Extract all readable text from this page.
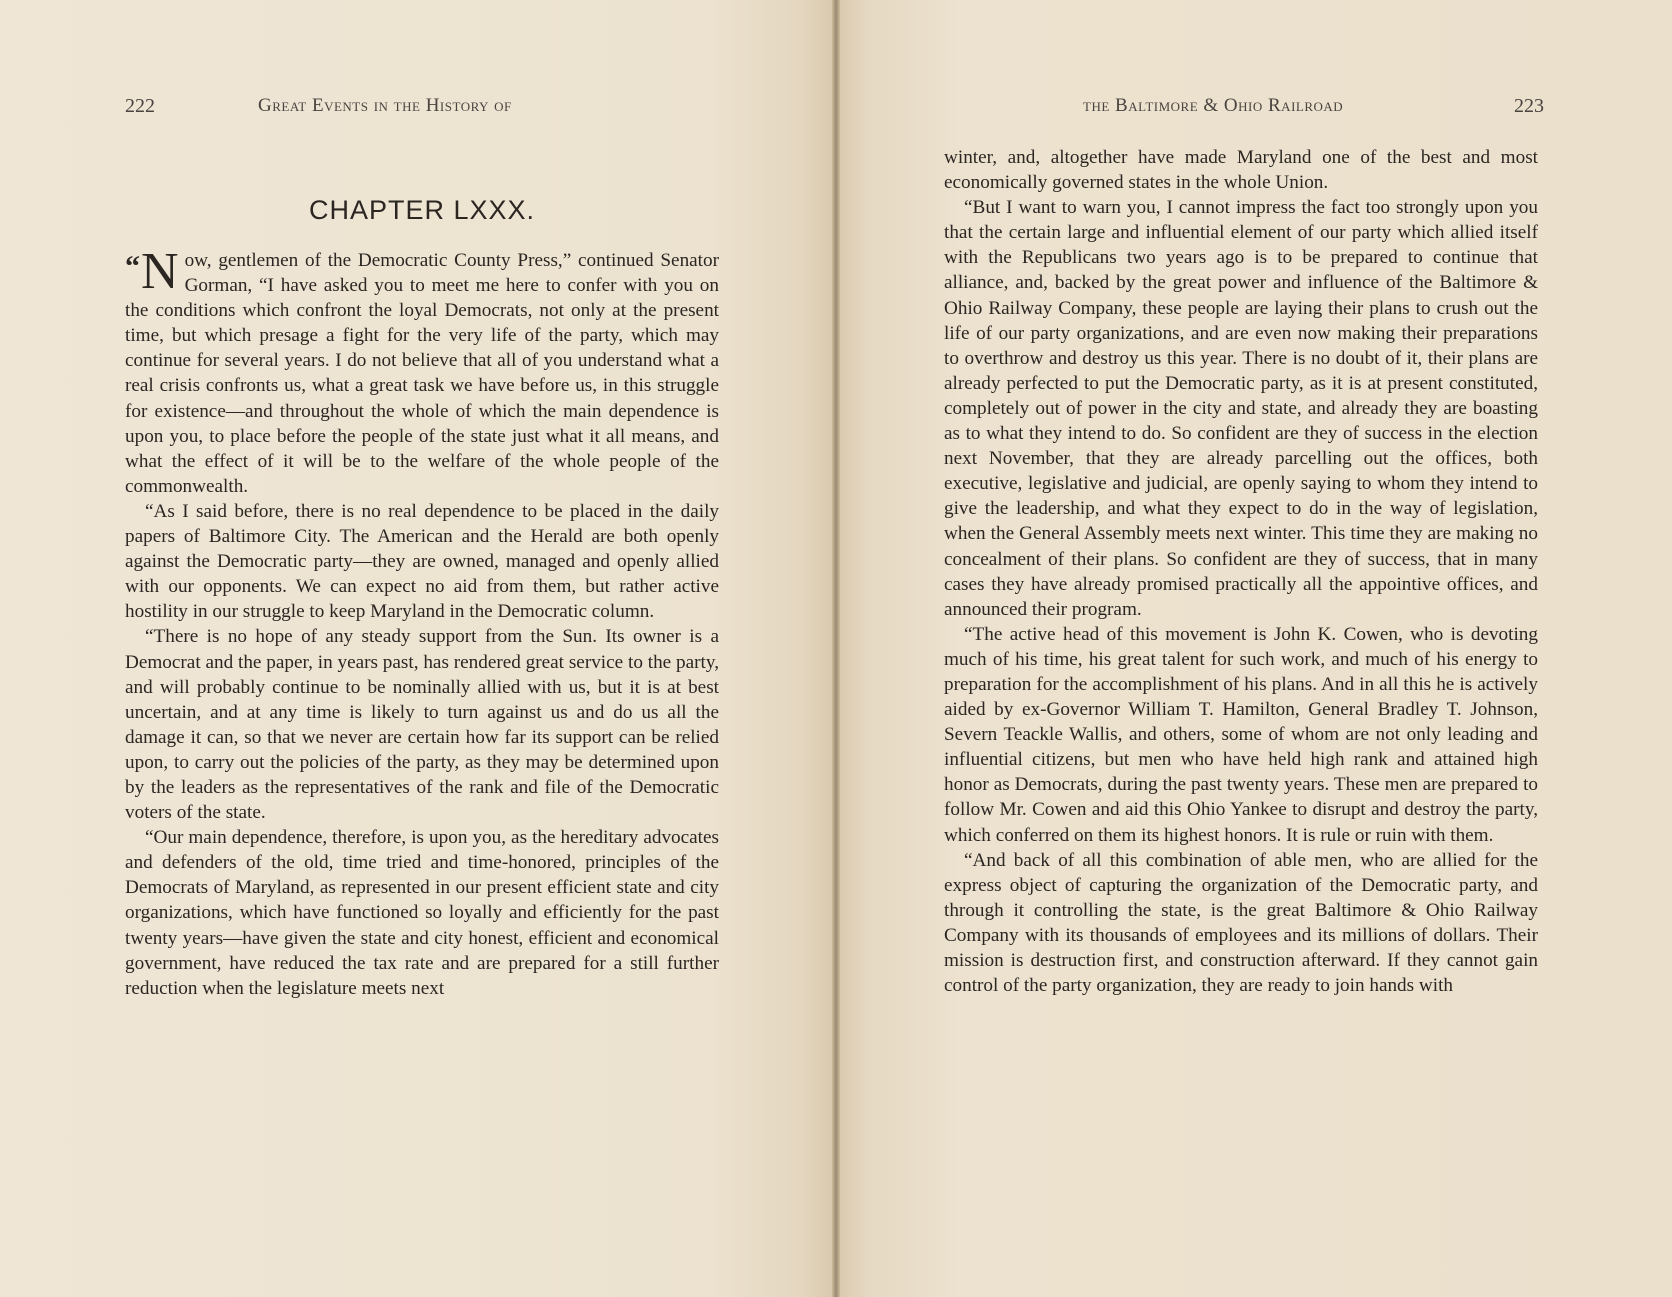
222	Great Events in the History of
CHAPTER LXXX.

“N ow, gentlemen of the Democratic County Press,” continued Senator Gorman, “I have asked you to meet me here to confer with you on the conditions which confront the loyal Democrats, not only at the present time, but which presage a fight for the very life of the party, which may continue for several years. I do not believe that all of you understand what a real crisis confronts us, what a great task we have before us, in this struggle for existence—and throughout the whole of which the main dependence is upon you, to place before the people of the state just what it all means, and what the effect of it will be to the welfare of the whole people of the commonwealth.

“As I said before, there is no real dependence to be placed in the daily papers of Baltimore City. The American and the Herald are both openly against the Democratic party—they are owned, managed and openly allied with our opponents. We can expect no aid from them, but rather active hostility in our struggle to keep Maryland in the Democratic column.

“There is no hope of any steady support from the Sun. Its owner is a Democrat and the paper, in years past, has rendered great service to the party, and will probably continue to be nominally allied with us, but it is at best uncertain, and at any time is likely to turn against us and do us all the damage it can, so that we never are certain how far its support can be relied upon, to carry out the policies of the party, as they may be determined upon by the leaders as the representatives of the rank and file of the Democratic voters of the state.

“Our main dependence, therefore, is upon you, as the hereditary advocates and defenders of the old, time tried and time-honored, principles of the Democrats of Maryland, as represented in our present efficient state and city organizations, which have functioned so loyally and efficiently for the past twenty years—have given the state and city honest, efficient and economical government, have reduced the tax rate and are prepared for a still further reduction when the legislature meets next

the Baltimore & Ohio Railroad	223

winter, and, altogether have made Maryland one of the best and most economically governed states in the whole Union.

“But I want to warn you, I cannot impress the fact too strongly upon you that the certain large and influential element of our party which allied itself with the Republicans two years ago is to be prepared to continue that alliance, and, backed by the great power and influence of the Baltimore & Ohio Railway Company, these people are laying their plans to crush out the life of our party organizations, and are even now making their preparations to overthrow and destroy us this year. There is no doubt of it, their plans are already perfected to put the Democratic party, as it is at present constituted, completely out of power in the city and state, and already they are boasting as to what they intend to do. So confident are they of success in the election next November, that they are already parcelling out the offices, both executive, legislative and judicial, are openly saying to whom they intend to give the leadership, and what they expect to do in the way of legislation, when the General Assembly meets next winter. This time they are making no concealment of their plans. So confident are they of success, that in many cases they have already promised practically all the appointive offices, and announced their program.

“The active head of this movement is John K. Cowen, who is devoting much of his time, his great talent for such work, and much of his energy to preparation for the accomplishment of his plans. And in all this he is actively aided by ex-Governor William T. Hamilton, General Bradley T. Johnson, Severn Teackle Wallis, and others, some of whom are not only leading and influential citizens, but men who have held high rank and attained high honor as Democrats, during the past twenty years. These men are prepared to follow Mr. Cowen and aid this Ohio Yankee to disrupt and destroy the party, which conferred on them its highest honors. It is rule or ruin with them.

“And back of all this combination of able men, who are allied for the express object of capturing the organization of the Democratic party, and through it controlling the state, is the great Baltimore & Ohio Railway Company with its thousands of employees and its millions of dollars. Their mission is destruction first, and construction afterward. If they cannot gain control of the party organization, they are ready to join hands with
